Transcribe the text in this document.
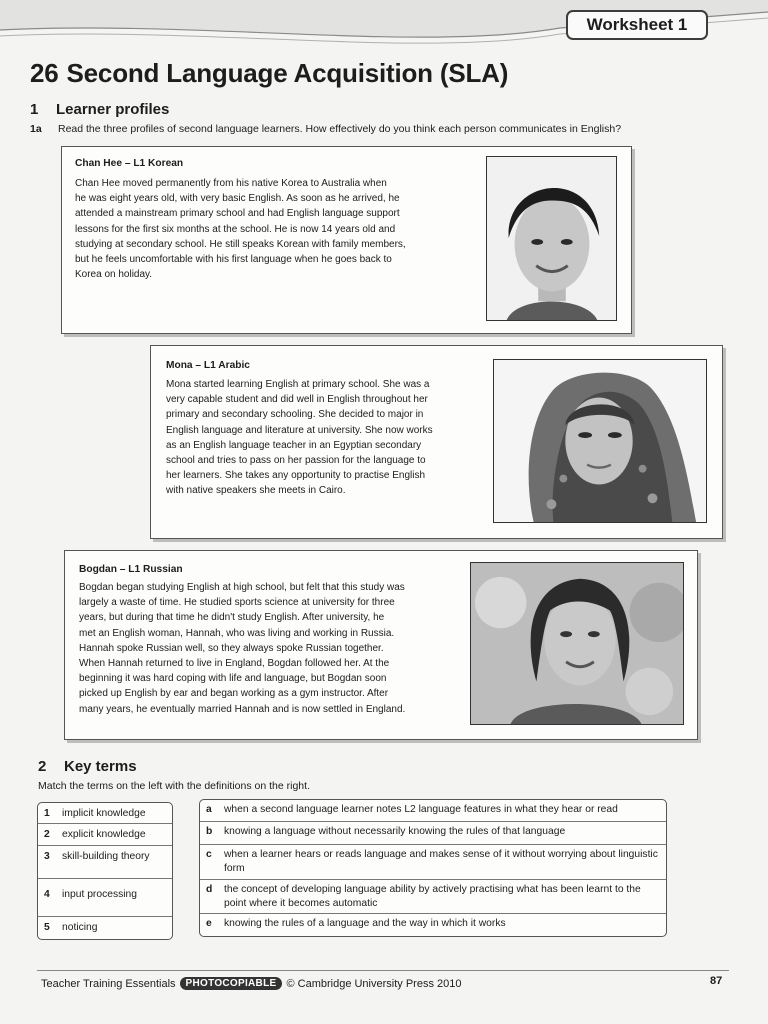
Worksheet 1
26 Second Language Acquisition (SLA)
1 Learner profiles
1a Read the three profiles of second language learners. How effectively do you think each person communicates in English?
Chan Hee – L1 Korean
Chan Hee moved permanently from his native Korea to Australia when
he was eight years old, with very basic English. As soon as he arrived, he
attended a mainstream primary school and had English language support
lessons for the first six months at the school. He is now 14 years old and
studying at secondary school. He still speaks Korean with family members,
but he feels uncomfortable with his first language when he goes back to
Korea on holiday.
Mona – L1 Arabic
Mona started learning English at primary school. She was a
very capable student and did well in English throughout her
primary and secondary schooling. She decided to major in
English language and literature at university. She now works
as an English language teacher in an Egyptian secondary
school and tries to pass on her passion for the language to
her learners. She takes any opportunity to practise English
with native speakers she meets in Cairo.
Bogdan – L1 Russian
Bogdan began studying English at high school, but felt that this study was
largely a waste of time. He studied sports science at university for three
years, but during that time he didn't study English. After university, he
met an English woman, Hannah, who was living and working in Russia.
Hannah spoke Russian well, so they always spoke Russian together.
When Hannah returned to live in England, Bogdan followed her. At the
beginning it was hard coping with life and language, but Bogdan soon
picked up English by ear and began working as a gym instructor. After
many years, he eventually married Hannah and is now settled in England.
2 Key terms
Match the terms on the left with the definitions on the right.
1	implicit knowledge
2	explicit knowledge
3	skill-building theory
4	input processing
5	noticing
a	when a second language learner notes L2 language features in what they hear or read
b	knowing a language without necessarily knowing the rules of that language
c	when a learner hears or reads language and makes sense of it without worrying about linguistic form
d	the concept of developing language ability by actively practising what has been learnt to the point where it becomes automatic
e	knowing the rules of a language and the way in which it works
Teacher Training Essentials	PHOTOCOPIABLE © Cambridge University Press 2010	87
